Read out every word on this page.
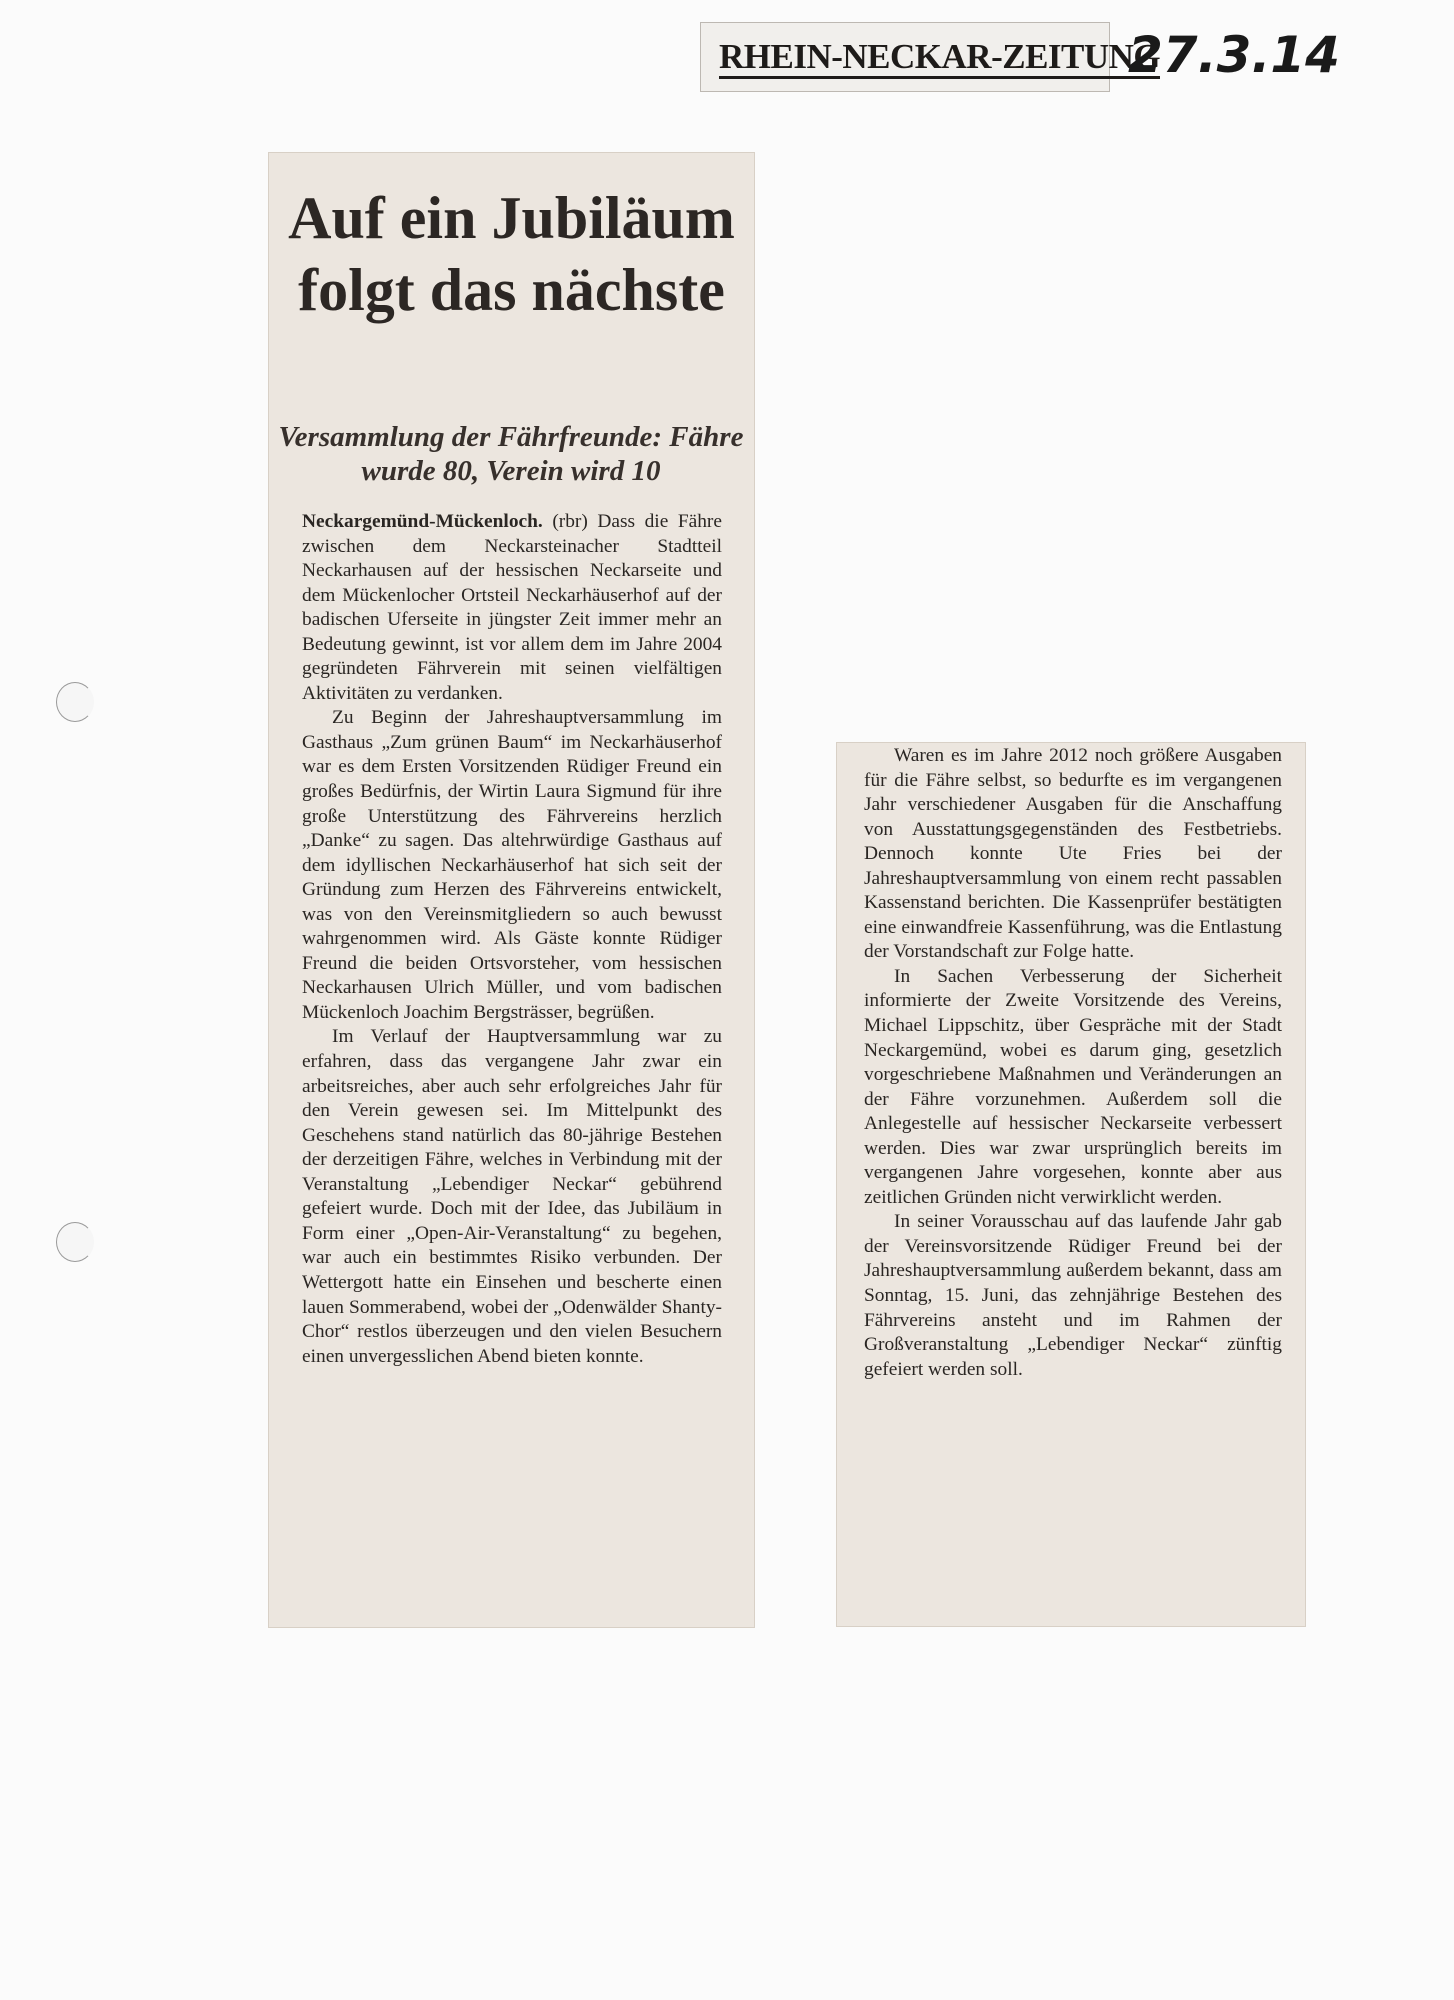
RHEIN-NECKAR-ZEITUNG
27.3.14
Auf ein Jubiläum folgt das nächste
Versammlung der Fährfreunde: Fähre wurde 80, Verein wird 10

Neckargemünd-Mückenloch. (rbr) Dass die Fähre zwischen dem Neckarsteinacher Stadtteil Neckarhausen auf der hessischen Neckarseite und dem Mückenlocher Ortsteil Neckarhäuserhof auf der badischen Uferseite in jüngster Zeit immer mehr an Bedeutung gewinnt, ist vor allem dem im Jahre 2004 gegründeten Fährverein mit seinen vielfältigen Aktivitäten zu verdanken.

Zu Beginn der Jahreshauptversammlung im Gasthaus „Zum grünen Baum“ im Neckarhäuserhof war es dem Ersten Vorsitzenden Rüdiger Freund ein großes Bedürfnis, der Wirtin Laura Sigmund für ihre große Unterstützung des Fährvereins herzlich „Danke“ zu sagen. Das altehrwürdige Gasthaus auf dem idyllischen Neckarhäuserhof hat sich seit der Gründung zum Herzen des Fährvereins entwickelt, was von den Vereinsmitgliedern so auch bewusst wahrgenommen wird. Als Gäste konnte Rüdiger Freund die beiden Ortsvorsteher, vom hessischen Neckarhausen Ulrich Müller, und vom badischen Mückenloch Joachim Bergsträsser, begrüßen.

Im Verlauf der Hauptversammlung war zu erfahren, dass das vergangene Jahr zwar ein arbeitsreiches, aber auch sehr erfolgreiches Jahr für den Verein gewesen sei. Im Mittelpunkt des Geschehens stand natürlich das 80-jährige Bestehen der derzeitigen Fähre, welches in Verbindung mit der Veranstaltung „Lebendiger Neckar“ gebührend gefeiert wurde. Doch mit der Idee, das Jubiläum in Form einer „Open-Air-Veranstaltung“ zu begehen, war auch ein bestimmtes Risiko verbunden. Der Wettergott hatte ein Einsehen und bescherte einen lauen Sommerabend, wobei der „Odenwälder Shanty-Chor“ restlos überzeugen und den vielen Besuchern einen unvergesslichen Abend bieten konnte.

Waren es im Jahre 2012 noch größere Ausgaben für die Fähre selbst, so bedurfte es im vergangenen Jahr verschiedener Ausgaben für die Anschaffung von Ausstattungsgegenständen des Festbetriebs. Dennoch konnte Ute Fries bei der Jahreshauptversammlung von einem recht passablen Kassenstand berichten. Die Kassenprüfer bestätigten eine einwandfreie Kassenführung, was die Entlastung der Vorstandschaft zur Folge hatte.

In Sachen Verbesserung der Sicherheit informierte der Zweite Vorsitzende des Vereins, Michael Lippschitz, über Gespräche mit der Stadt Neckargemünd, wobei es darum ging, gesetzlich vorgeschriebene Maßnahmen und Veränderungen an der Fähre vorzunehmen. Außerdem soll die Anlegestelle auf hessischer Neckarseite verbessert werden. Dies war zwar ursprünglich bereits im vergangenen Jahre vorgesehen, konnte aber aus zeitlichen Gründen nicht verwirklicht werden.

In seiner Vorausschau auf das laufende Jahr gab der Vereinsvorsitzende Rüdiger Freund bei der Jahreshauptversammlung außerdem bekannt, dass am Sonntag, 15. Juni, das zehnjährige Bestehen des Fährvereins ansteht und im Rahmen der Großveranstaltung „Lebendiger Neckar“ zünftig gefeiert werden soll.
